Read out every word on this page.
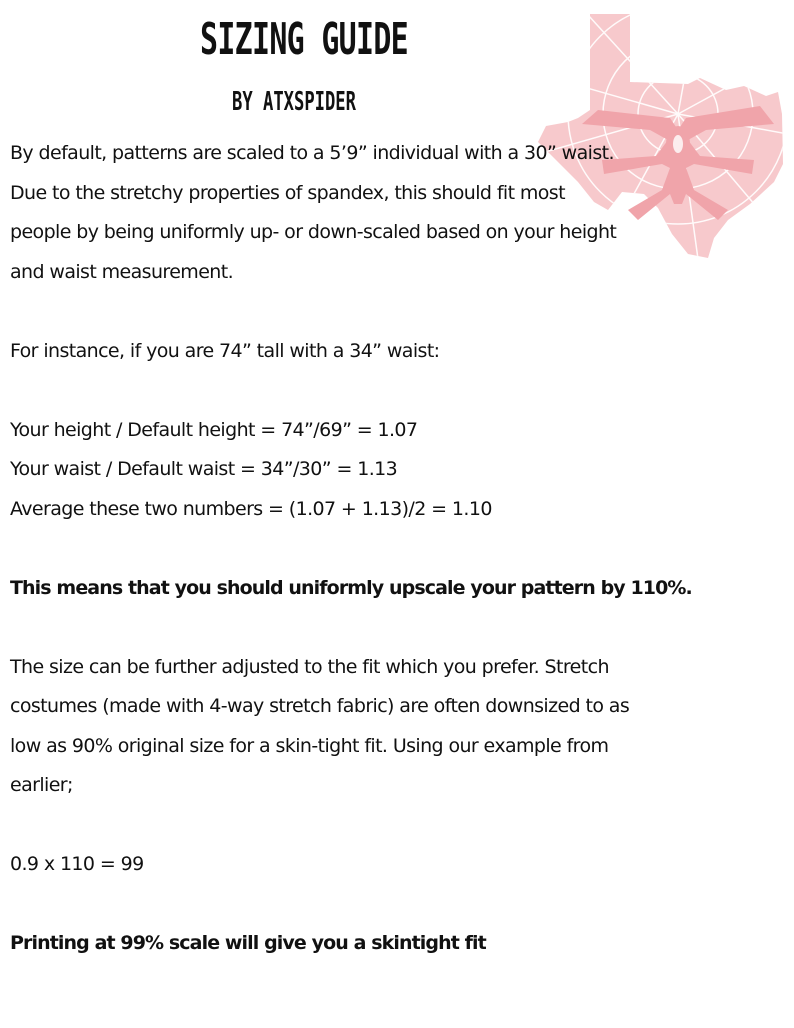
SIZING GUIDE
BY ATXSPIDER

By default, patterns are scaled to a 5’9” individual with a 30” waist.

Due to the stretchy properties of spandex, this should fit most

people by being uniformly up- or down-scaled based on your height

and waist measurement.

For instance, if you are 74” tall with a 34” waist:

Your height / Default height = 74”/69” = 1.07

Your waist / Default waist = 34”/30” = 1.13

Average these two numbers = (1.07 + 1.13)/2 = 1.10

This means that you should uniformly upscale your pattern by 110%.

The size can be further adjusted to the fit which you prefer. Stretch

costumes (made with 4-way stretch fabric) are often downsized to as

low as 90% original size for a skin-tight fit. Using our example from

earlier;

0.9 x 110 = 99

Printing at 99% scale will give you a skintight fit
